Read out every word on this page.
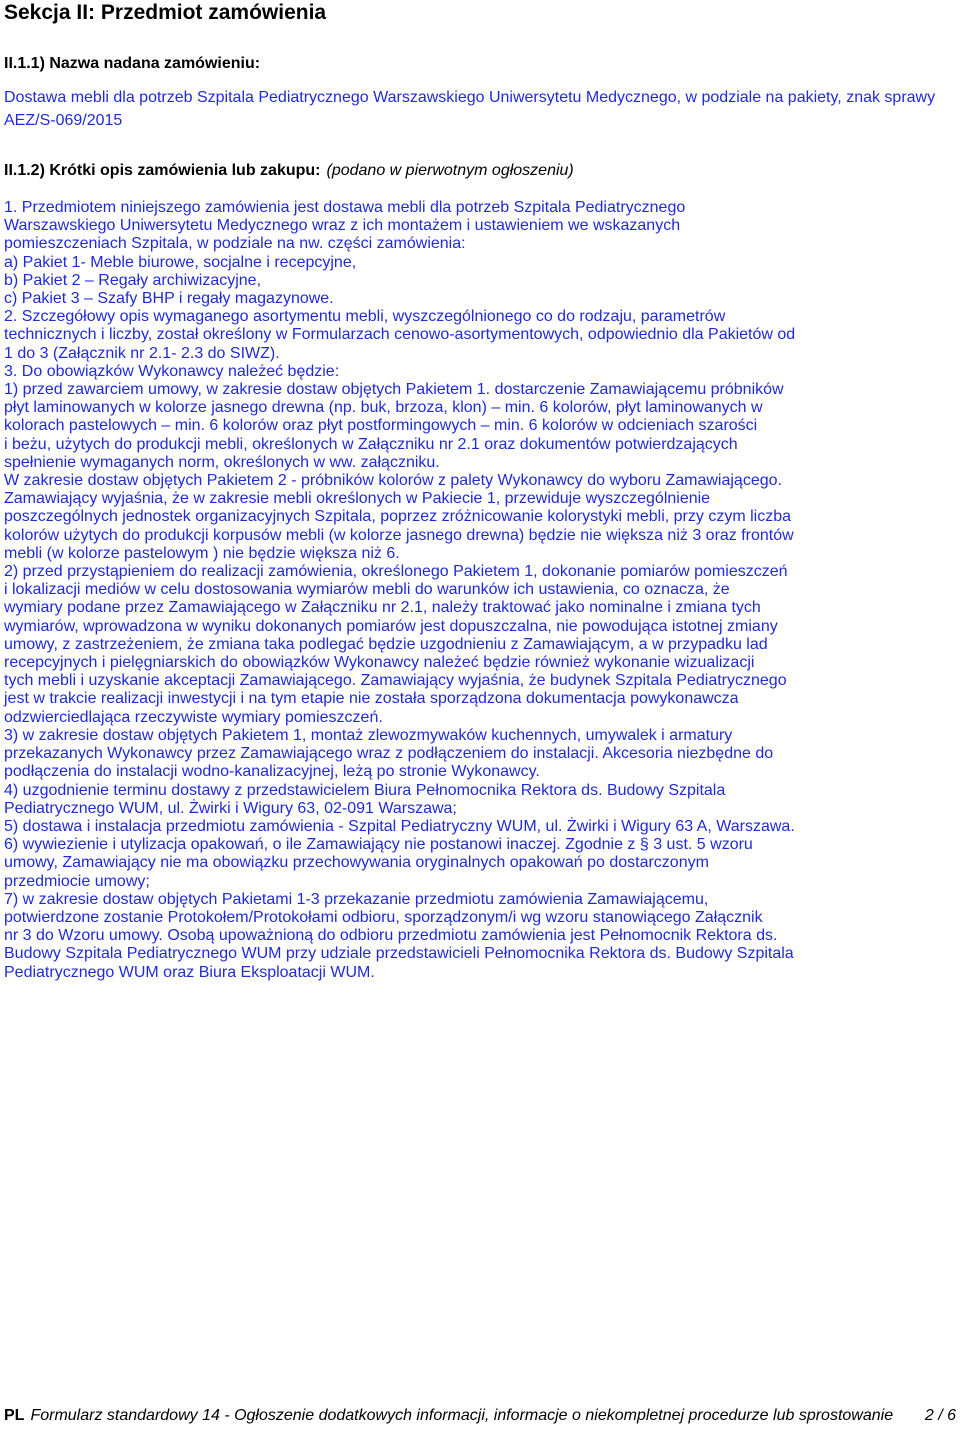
Sekcja II: Przedmiot zamówienia
II.1.1) Nazwa nadana zamówieniu:
Dostawa mebli dla potrzeb Szpitala Pediatrycznego Warszawskiego Uniwersytetu Medycznego, w podziale na pakiety, znak sprawy AEZ/S-069/2015
II.1.2) Krótki opis zamówienia lub zakupu: (podano w pierwotnym ogłoszeniu)

1. Przedmiotem niniejszego zamówienia jest dostawa mebli dla potrzeb Szpitala Pediatrycznego

Warszawskiego Uniwersytetu Medycznego wraz z ich montażem i ustawieniem we wskazanych

pomieszczeniach Szpitala, w podziale na nw. części zamówienia:

a) Pakiet 1- Meble biurowe, socjalne i recepcyjne,

b) Pakiet 2 – Regały archiwizacyjne,

c) Pakiet 3 – Szafy BHP i regały magazynowe.

2. Szczegółowy opis wymaganego asortymentu mebli, wyszczególnionego co do rodzaju, parametrów

technicznych i liczby, został określony w Formularzach cenowo-asortymentowych, odpowiednio dla Pakietów od

1 do 3 (Załącznik nr 2.1- 2.3 do SIWZ).

3. Do obowiązków Wykonawcy należeć będzie:

1) przed zawarciem umowy, w zakresie dostaw objętych Pakietem 1. dostarczenie Zamawiającemu próbników

płyt laminowanych w kolorze jasnego drewna (np. buk, brzoza, klon) – min. 6 kolorów, płyt laminowanych w

kolorach pastelowych – min. 6 kolorów oraz płyt postformingowych – min. 6 kolorów w odcieniach szarości

i beżu, użytych do produkcji mebli, określonych w Załączniku nr 2.1 oraz dokumentów potwierdzających

spełnienie wymaganych norm, określonych w ww. załączniku.

W zakresie dostaw objętych Pakietem 2 - próbników kolorów z palety Wykonawcy do wyboru Zamawiającego.

Zamawiający wyjaśnia, że w zakresie mebli określonych w Pakiecie 1, przewiduje wyszczególnienie

poszczególnych jednostek organizacyjnych Szpitala, poprzez zróżnicowanie kolorystyki mebli, przy czym liczba

kolorów użytych do produkcji korpusów mebli (w kolorze jasnego drewna) będzie nie większa niż 3 oraz frontów

mebli (w kolorze pastelowym ) nie będzie większa niż 6.

2) przed przystąpieniem do realizacji zamówienia, określonego Pakietem 1, dokonanie pomiarów pomieszczeń

i lokalizacji mediów w celu dostosowania wymiarów mebli do warunków ich ustawienia, co oznacza, że

wymiary podane przez Zamawiającego w Załączniku nr 2.1, należy traktować jako nominalne i zmiana tych

wymiarów, wprowadzona w wyniku dokonanych pomiarów jest dopuszczalna, nie powodująca istotnej zmiany

umowy, z zastrzeżeniem, że zmiana taka podlegać będzie uzgodnieniu z Zamawiającym, a w przypadku lad

recepcyjnych i pielęgniarskich do obowiązków Wykonawcy należeć będzie również wykonanie wizualizacji

tych mebli i uzyskanie akceptacji Zamawiającego. Zamawiający wyjaśnia, że budynek Szpitala Pediatrycznego

jest w trakcie realizacji inwestycji i na tym etapie nie została sporządzona dokumentacja powykonawcza

odzwierciedlająca rzeczywiste wymiary pomieszczeń.

3) w zakresie dostaw objętych Pakietem 1, montaż zlewozmywaków kuchennych, umywalek i armatury

przekazanych Wykonawcy przez Zamawiającego wraz z podłączeniem do instalacji. Akcesoria niezbędne do

podłączenia do instalacji wodno-kanalizacyjnej, leżą po stronie Wykonawcy.

4) uzgodnienie terminu dostawy z przedstawicielem Biura Pełnomocnika Rektora ds. Budowy Szpitala

Pediatrycznego WUM, ul. Żwirki i Wigury 63, 02-091 Warszawa;

5) dostawa i instalacja przedmiotu zamówienia - Szpital Pediatryczny WUM, ul. Żwirki i Wigury 63 A, Warszawa.

6) wywiezienie i utylizacja opakowań, o ile Zamawiający nie postanowi inaczej. Zgodnie z § 3 ust. 5 wzoru

umowy, Zamawiający nie ma obowiązku przechowywania oryginalnych opakowań po dostarczonym

przedmiocie umowy;

7) w zakresie dostaw objętych Pakietami 1-3 przekazanie przedmiotu zamówienia Zamawiającemu,

potwierdzone zostanie Protokołem/Protokołami odbioru, sporządzonym/i wg wzoru stanowiącego Załącznik

nr 3 do Wzoru umowy. Osobą upoważnioną do odbioru przedmiotu zamówienia jest Pełnomocnik Rektora ds.

Budowy Szpitala Pediatrycznego WUM przy udziale przedstawicieli Pełnomocnika Rektora ds. Budowy Szpitala

Pediatrycznego WUM oraz Biura Eksploatacji WUM.

PL Formularz standardowy 14 - Ogłoszenie dodatkowych informacji, informacje o niekompletnej procedurze lub sprostowanie 2 / 6
